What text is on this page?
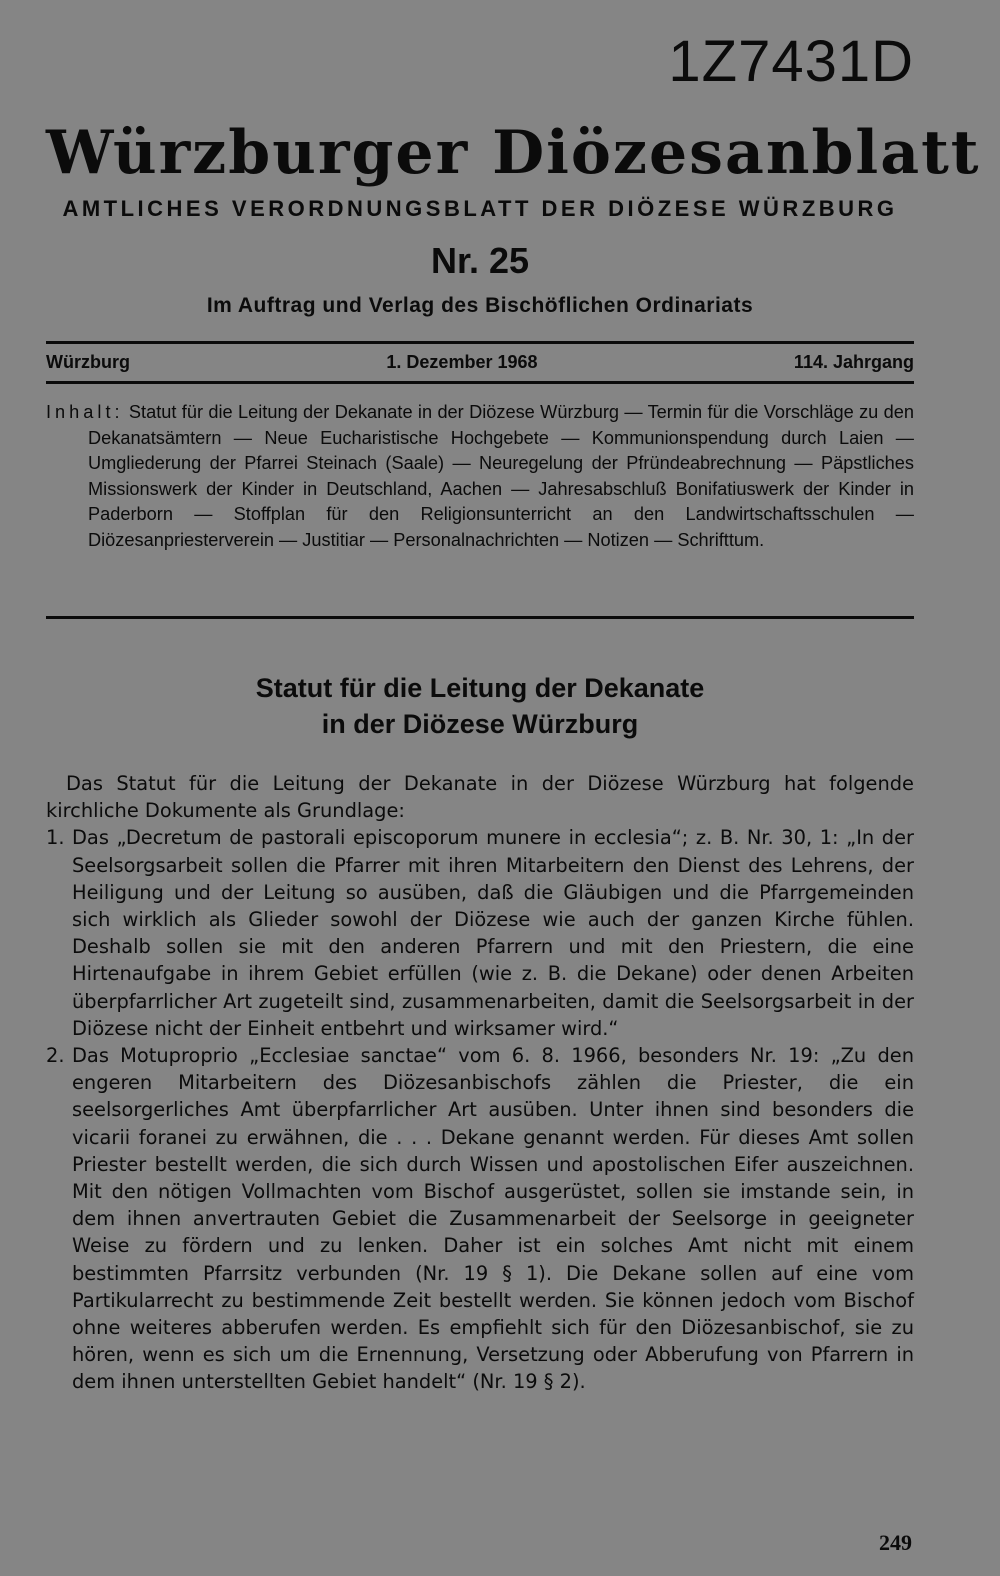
1Z7431D
Würzburger Diözesanblatt
AMTLICHES VERORDNUNGSBLATT DER DIÖZESE WÜRZBURG
Nr. 25
Im Auftrag und Verlag des Bischöflichen Ordinariats
Würzburg	1. Dezember 1968	114. Jahrgang
Inhalt: Statut für die Leitung der Dekanate in der Diözese Würzburg — Termin für die Vorschläge zu den Dekanatsämtern — Neue Eucharistische Hochgebete — Kommunionspendung durch Laien — Umgliederung der Pfarrei Steinach (Saale) — Neuregelung der Pfründeabrechnung — Päpstliches Missionswerk der Kinder in Deutschland, Aachen — Jahresabschluß Bonifatiuswerk der Kinder in Paderborn — Stoffplan für den Religionsunterricht an den Landwirtschaftsschulen — Diözesanpriesterverein — Justitiar — Personalnachrichten — Notizen — Schrifttum.
Statut für die Leitung der Dekanate
in der Diözese Würzburg

Das Statut für die Leitung der Dekanate in der Diözese Würzburg hat folgende kirchliche Dokumente als Grundlage:

1. Das „Decretum de pastorali episcoporum munere in ecclesia“; z. B. Nr. 30, 1: „In der Seelsorgsarbeit sollen die Pfarrer mit ihren Mitarbeitern den Dienst des Lehrens, der Heiligung und der Leitung so ausüben, daß die Gläubigen und die Pfarrgemeinden sich wirklich als Glieder sowohl der Diözese wie auch der ganzen Kirche fühlen. Deshalb sollen sie mit den anderen Pfarrern und mit den Priestern, die eine Hirtenaufgabe in ihrem Gebiet erfüllen (wie z. B. die Dekane) oder denen Arbeiten überpfarrlicher Art zugeteilt sind, zusammenarbeiten, damit die Seelsorgsarbeit in der Diözese nicht der Einheit entbehrt und wirksamer wird.“
2. Das Motuproprio „Ecclesiae sanctae“ vom 6. 8. 1966, besonders Nr. 19: „Zu den engeren Mitarbeitern des Diözesanbischofs zählen die Priester, die ein seelsorgerliches Amt überpfarrlicher Art ausüben. Unter ihnen sind besonders die vicarii foranei zu erwähnen, die . . . Dekane genannt werden. Für dieses Amt sollen Priester bestellt werden, die sich durch Wissen und apostolischen Eifer auszeichnen. Mit den nötigen Vollmachten vom Bischof ausgerüstet, sollen sie imstande sein, in dem ihnen anvertrauten Gebiet die Zusammenarbeit der Seelsorge in geeigneter Weise zu fördern und zu lenken. Daher ist ein solches Amt nicht mit einem bestimmten Pfarrsitz verbunden (Nr. 19 § 1). Die Dekane sollen auf eine vom Partikularrecht zu bestimmende Zeit bestellt werden. Sie können jedoch vom Bischof ohne weiteres abberufen werden. Es empfiehlt sich für den Diözesanbischof, sie zu hören, wenn es sich um die Ernennung, Versetzung oder Abberufung von Pfarrern in dem ihnen unterstellten Gebiet handelt“ (Nr. 19 § 2).
249
